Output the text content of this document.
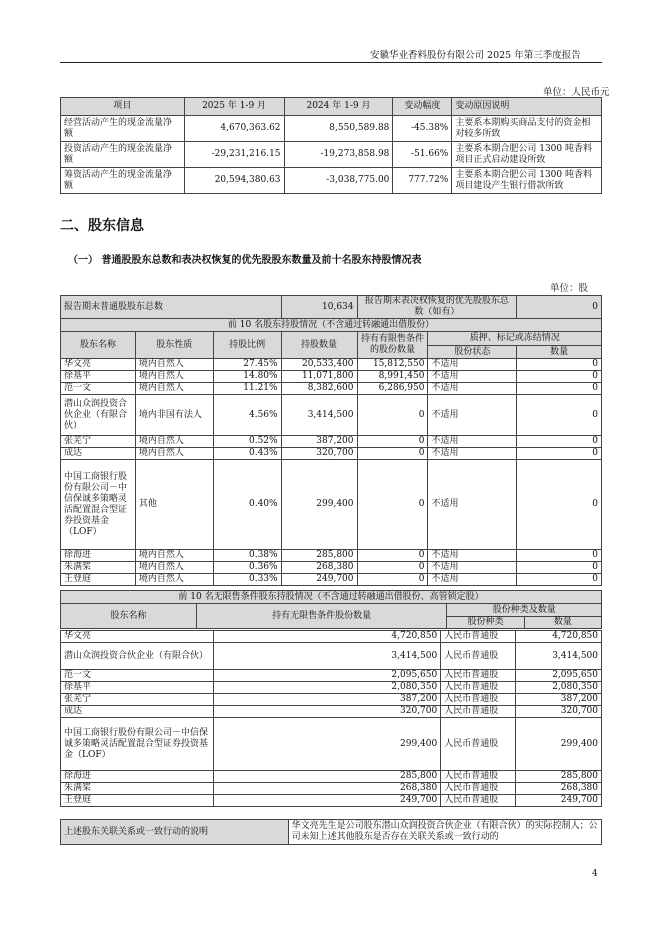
安徽华业香料股份有限公司 2025 年第三季度报告
单位：人民币元
项目	2025 年 1-9 月	2024 年 1-9 月	变动幅度	变动原因说明
经营活动产生的现金流量净额	4,670,363.62	8,550,589.88	-45.38%	主要系本期购买商品支付的资金相对较多所致
投资活动产生的现金流量净额	-29,231,216.15	-19,273,858.98	-51.66%	主要系本期合肥公司 1300 吨香料项目正式启动建设所致
筹资活动产生的现金流量净额	20,594,380.63	-3,038,775.00	777.72%	主要系本期合肥公司 1300 吨香料项目建设产生银行借款所致
二、股东信息
（一） 普通股股东总数和表决权恢复的优先股股东数量及前十名股东持股情况表
单位：股
报告期末普通股股东总数			10,634	报告期末表决权恢复的优先股股东总数（如有）		0
前 10 名股东持股情况（不含通过转融通出借股份）						
股东名称	股东性质	持股比例	持股数量	持有有限售条件的股份数量	质押、标记或冻结情况	
					股份状态	数量
华文亮	境内自然人	27.45%	20,533,400	15,812,550	不适用	0
徐基平	境内自然人	14.80%	11,071,800	8,991,450	不适用	0
范一文	境内自然人	11.21%	8,382,600	6,286,950	不适用	0
潜山众润投资合伙企业（有限合伙）	境内非国有法人	4.56%	3,414,500	0	不适用	0
张芜宁	境内自然人	0.52%	387,200	0	不适用	0
成达	境内自然人	0.43%	320,700	0	不适用	0
中国工商银行股份有限公司－中信保诚多策略灵活配置混合型证券投资基金（LOF）	其他	0.40%	299,400	0	不适用	0
徐海进	境内自然人	0.38%	285,800	0	不适用	0
朱满桨	境内自然人	0.36%	268,380	0	不适用	0
王登庭	境内自然人	0.33%	249,700	0	不适用	0
前 10 名无限售条件股东持股情况（不含通过转融通出借股份、高管锁定股）			
股东名称	持有无限售条件股份数量	股份种类及数量	
		股份种类	数量
华文亮	4,720,850	人民币普通股	4,720,850
潜山众润投资合伙企业（有限合伙）	3,414,500	人民币普通股	3,414,500
范一文	2,095,650	人民币普通股	2,095,650
徐基平	2,080,350	人民币普通股	2,080,350
张芜宁	387,200	人民币普通股	387,200
成达	320,700	人民币普通股	320,700
中国工商银行股份有限公司－中信保诚多策略灵活配置混合型证券投资基金（LOF）	299,400	人民币普通股	299,400
徐海进	285,800	人民币普通股	285,800
朱满桨	268,380	人民币普通股	268,380
王登庭	249,700	人民币普通股	249,700
上述股东关联关系或一致行动的说明	华文亮先生是公司股东潜山众润投资合伙企业（有限合伙）的实际控制人；公司未知上述其他股东是否存在关联关系或一致行动的
4
